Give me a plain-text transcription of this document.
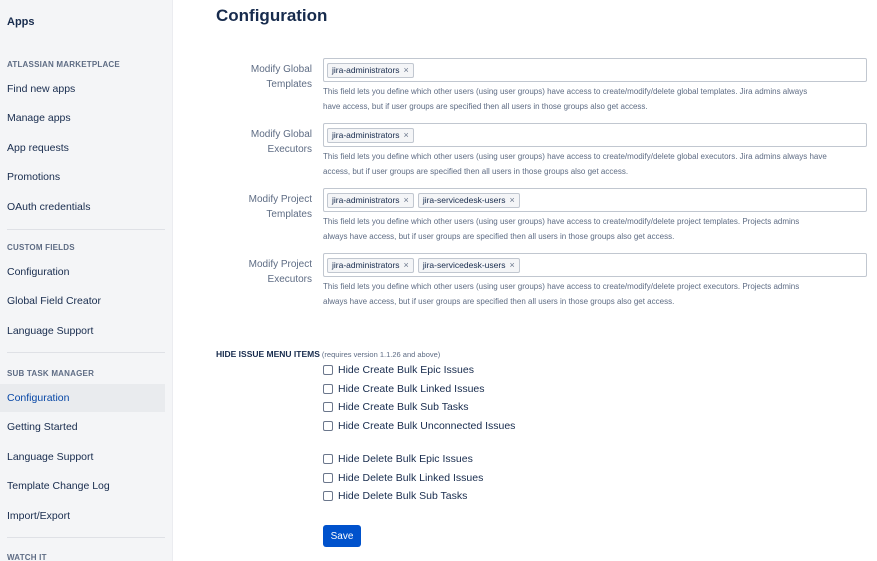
Apps
ATLASSIAN MARKETPLACE
Find new apps
Manage apps
App requests
Promotions
OAuth credentials
CUSTOM FIELDS
Configuration
Global Field Creator
Language Support
SUB TASK MANAGER
Configuration
Getting Started
Language Support
Template Change Log
Import/Export
WATCH IT
Configuration
Modify Global
Templates
jira-administrators ×
This field lets you define which other users (using user groups) have access to create/modify/delete global templates. Jira admins always
have access, but if user groups are specified then all users in those groups also get access.
Modify Global
Executors
jira-administrators ×
This field lets you define which other users (using user groups) have access to create/modify/delete global executors. Jira admins always have
access, but if user groups are specified then all users in those groups also get access.
Modify Project
Templates
jira-administrators × jira-servicedesk-users ×
This field lets you define which other users (using user groups) have access to create/modify/delete project templates. Projects admins
always have access, but if user groups are specified then all users in those groups also get access.
Modify Project
Executors
jira-administrators × jira-servicedesk-users ×
This field lets you define which other users (using user groups) have access to create/modify/delete project executors. Projects admins
always have access, but if user groups are specified then all users in those groups also get access.
HIDE ISSUE MENU ITEMS (requires version 1.1.26 and above)
Hide Create Bulk Epic Issues
Hide Create Bulk Linked Issues
Hide Create Bulk Sub Tasks
Hide Create Bulk Unconnected Issues
Hide Delete Bulk Epic Issues
Hide Delete Bulk Linked Issues
Hide Delete Bulk Sub Tasks
Save
